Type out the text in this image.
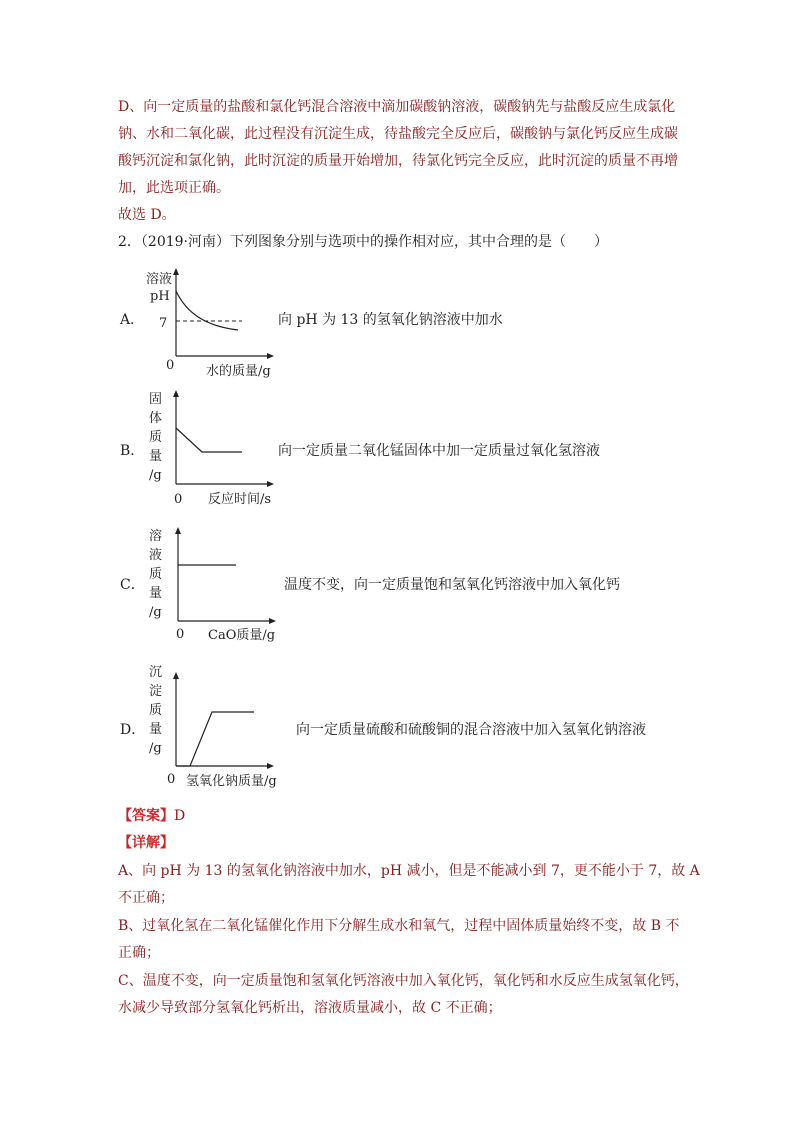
D、向一定质量的盐酸和氯化钙混合溶液中滴加碳酸钠溶液，碳酸钠先与盐酸反应生成氯化
钠、水和二氧化碳，此过程没有沉淀生成，待盐酸完全反应后，碳酸钠与氯化钙反应生成碳
酸钙沉淀和氯化钠，此时沉淀的质量开始增加，待氯化钙完全反应，此时沉淀的质量不再增
加，此选项正确。
故选 D。
2．（2019·河南）下列图象分别与选项中的操作相对应，其中合理的是（　　）
A．
溶液
pH
7
0 水的质量/g
向 pH 为 13 的氢氧化钠溶液中加水
B．
固
体
质
量
/g
0 反应时间/s
向一定质量二氧化锰固体中加一定质量过氧化氢溶液
C．
溶
液
质
量
/g
0 CaO质量/g
温度不变，向一定质量饱和氢氧化钙溶液中加入氧化钙
D．
沉
淀
质
量
/g
0 氢氧化钠质量/g
向一定质量硫酸和硫酸铜的混合溶液中加入氢氧化钠溶液
【答案】D
【详解】
A、向 pH 为 13 的氢氧化钠溶液中加水，pH 减小，但是不能减小到 7，更不能小于 7，故 A
不正确；
B、过氧化氢在二氧化锰催化作用下分解生成水和氧气，过程中固体质量始终不变，故 B 不
正确；
C、温度不变，向一定质量饱和氢氧化钙溶液中加入氧化钙，氧化钙和水反应生成氢氧化钙，
水减少导致部分氢氧化钙析出，溶液质量减小，故 C 不正确；
